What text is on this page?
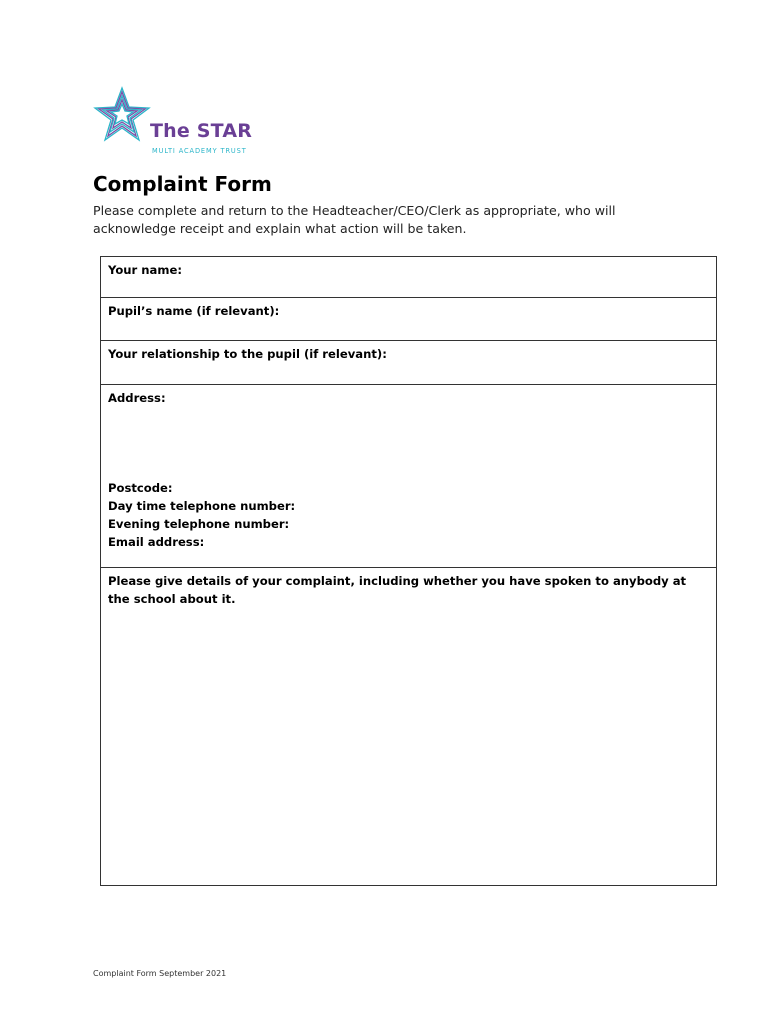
The STAR
MULTI ACADEMY TRUST
Complaint Form

Please complete and return to the Headteacher/CEO/Clerk as appropriate, who will acknowledge receipt and explain what action will be taken.

Your name:
Pupil’s name (if relevant):
Your relationship to the pupil (if relevant):
Address:
Postcode:
Day time telephone number:
Evening telephone number:
Email address:
Please give details of your complaint, including whether you have spoken to anybody at the school about it.
Complaint Form September 2021
